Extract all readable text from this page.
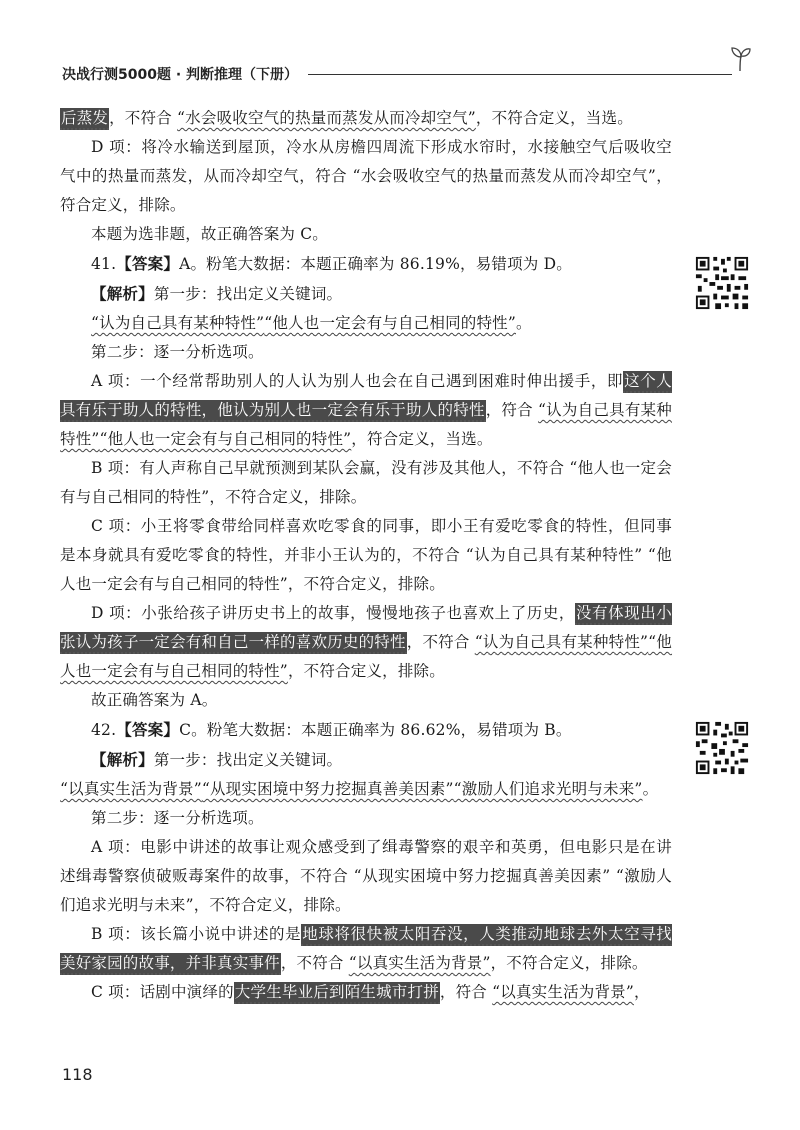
决战行测5000题 · 判断推理（下册）

后蒸发，不符合 “水会吸收空气的热量而蒸发从而冷却空气”，不符合定义，当选。

D 项：将冷水输送到屋顶，冷水从房檐四周流下形成水帘时，水接触空气后吸收空气中的热量而蒸发，从而冷却空气，符合 “水会吸收空气的热量而蒸发从而冷却空气”，符合定义，排除。

本题为选非题，故正确答案为 C。

41.【答案】A。粉笔大数据：本题正确率为 86.19%，易错项为 D。

【解析】第一步：找出定义关键词。

“认为自己具有某种特性”“他人也一定会有与自己相同的特性”。

第二步：逐一分析选项。

A 项：一个经常帮助别人的人认为别人也会在自己遇到困难时伸出援手，即这个人具有乐于助人的特性，他认为别人也一定会有乐于助人的特性，符合 “认为自己具有某种特性”“他人也一定会有与自己相同的特性”，符合定义，当选。

B 项：有人声称自己早就预测到某队会赢，没有涉及其他人，不符合 “他人也一定会有与自己相同的特性”，不符合定义，排除。

C 项：小王将零食带给同样喜欢吃零食的同事，即小王有爱吃零食的特性，但同事是本身就具有爱吃零食的特性，并非小王认为的，不符合 “认为自己具有某种特性” “他人也一定会有与自己相同的特性”，不符合定义，排除。

D 项：小张给孩子讲历史书上的故事，慢慢地孩子也喜欢上了历史，没有体现出小张认为孩子一定会有和自己一样的喜欢历史的特性，不符合 “认为自己具有某种特性”“他人也一定会有与自己相同的特性”，不符合定义，排除。

故正确答案为 A。

42.【答案】C。粉笔大数据：本题正确率为 86.62%，易错项为 B。

【解析】第一步：找出定义关键词。

“以真实生活为背景”“从现实困境中努力挖掘真善美因素”“激励人们追求光明与未来”。

第二步：逐一分析选项。

A 项：电影中讲述的故事让观众感受到了缉毒警察的艰辛和英勇，但电影只是在讲述缉毒警察侦破贩毒案件的故事，不符合 “从现实困境中努力挖掘真善美因素” “激励人们追求光明与未来”，不符合定义，排除。

B 项：该长篇小说中讲述的是地球将很快被太阳吞没，人类推动地球去外太空寻找美好家园的故事，并非真实事件，不符合 “以真实生活为背景”，不符合定义，排除。

C 项：话剧中演绎的大学生毕业后到陌生城市打拼，符合 “以真实生活为背景”，

118
